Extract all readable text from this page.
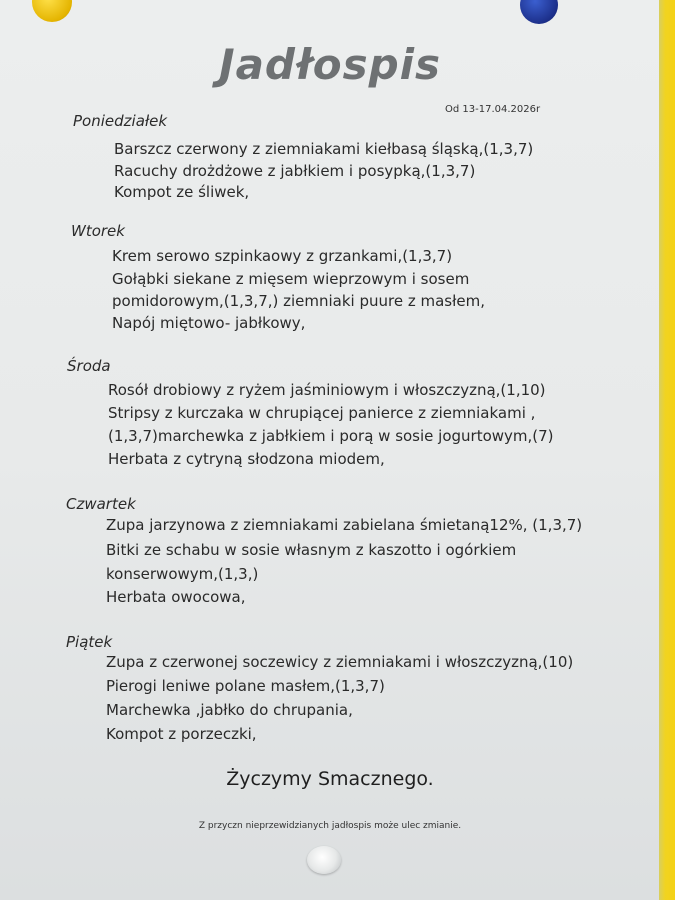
Jadłospis
Od 13-17.04.2026r
Poniedziałek
Barszcz czerwony z ziemniakami kiełbasą śląską,(1,3,7)
Racuchy drożdżowe z jabłkiem i posypką,(1,3,7)
Kompot ze śliwek,
Wtorek
Krem serowo szpinkaowy z grzankami,(1,3,7)
Gołąbki siekane z mięsem wieprzowym i sosem
pomidorowym,(1,3,7,) ziemniaki puure z masłem,
Napój miętowo- jabłkowy,
Środa
Rosół drobiowy z ryżem jaśminiowym i włoszczyzną,(1,10)
Stripsy z kurczaka w chrupiącej panierce z ziemniakami ,
(1,3,7)marchewka z jabłkiem i porą w sosie jogurtowym,(7)
Herbata z cytryną słodzona miodem,
Czwartek
Zupa jarzynowa z ziemniakami zabielana śmietaną12%, (1,3,7)
Bitki ze schabu w sosie własnym z kaszotto i ogórkiem
konserwowym,(1,3,)
Herbata owocowa,
Piątek
Zupa z czerwonej soczewicy z ziemniakami i włoszczyzną,(10)
Pierogi leniwe polane masłem,(1,3,7)
Marchewka ,jabłko do chrupania,
Kompot z porzeczki,
Życzymy Smacznego.
Z przyczn nieprzewidzianych jadłospis może ulec zmianie.
